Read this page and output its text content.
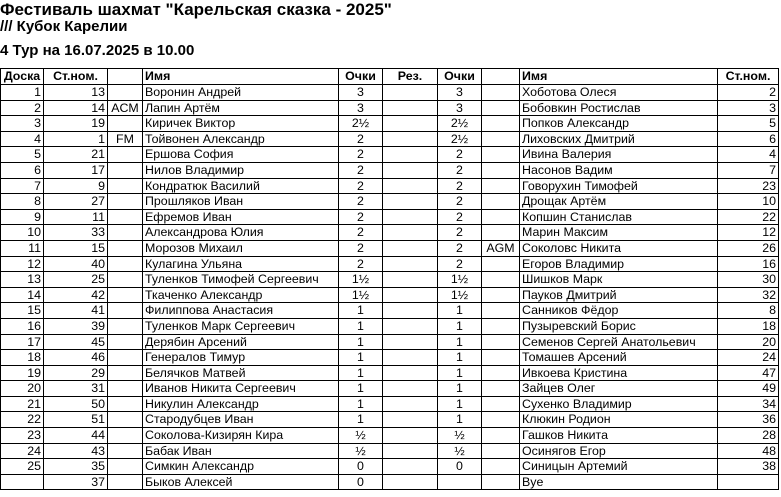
Фестиваль шахмат "Карельская сказка - 2025"
/// Кубок Карелии
4 Тур на 16.07.2025 в 10.00
Доска	Ст.ном.		Имя	Очки	Рез.	Очки		Имя	Ст.ном.
1	13		Воронин Андрей	3		3		Хоботова Олеся	2
2	14	ACM	Лапин Артём	3		3		Бобовкин Ростислав	3
3	19		Киричек Виктор	2½		2½		Попков Александр	5
4	1	FM	Тойвонен Александр	2		2½		Лиховских Дмитрий	6
5	21		Ершова София	2		2		Ивина Валерия	4
6	17		Нилов Владимир	2		2		Насонов Вадим	7
7	9		Кондратюк Василий	2		2		Говорухин Тимофей	23
8	27		Прошляков Иван	2		2		Дрощак Артём	10
9	11		Ефремов Иван	2		2		Копшин Станислав	22
10	33		Александрова Юлия	2		2		Марин Максим	12
11	15		Морозов Михаил	2		2	AGM	Соколовс Никита	26
12	40		Кулагина Ульяна	2		2		Егоров Владимир	16
13	25		Туленков Тимофей Сергеевич	1½		1½		Шишков Марк	30
14	42		Ткаченко Александр	1½		1½		Пауков Дмитрий	32
15	41		Филиппова Анастасия	1		1		Санников Фёдор	8
16	39		Туленков Марк Сергеевич	1		1		Пузыревский Борис	18
17	45		Дерябин Арсений	1		1		Семенов Сергей Анатольевич	20
18	46		Генералов Тимур	1		1		Томашев Арсений	24
19	29		Белячков Матвей	1		1		Ивкоева Кристина	47
20	31		Иванов Никита Сергеевич	1		1		Зайцев Олег	49
21	50		Никулин Александр	1		1		Сухенко Владимир	34
22	51		Стародубцев Иван	1		1		Клюкин Родион	36
23	44		Соколова-Кизирян Кира	½		½		Гашков Никита	28
24	43		Бабак Иван	½		½		Осинягов Егор	48
25	35		Симкин Александр	0		0		Синицын Артемий	38
	37		Быков Алексей	0				Bye	
